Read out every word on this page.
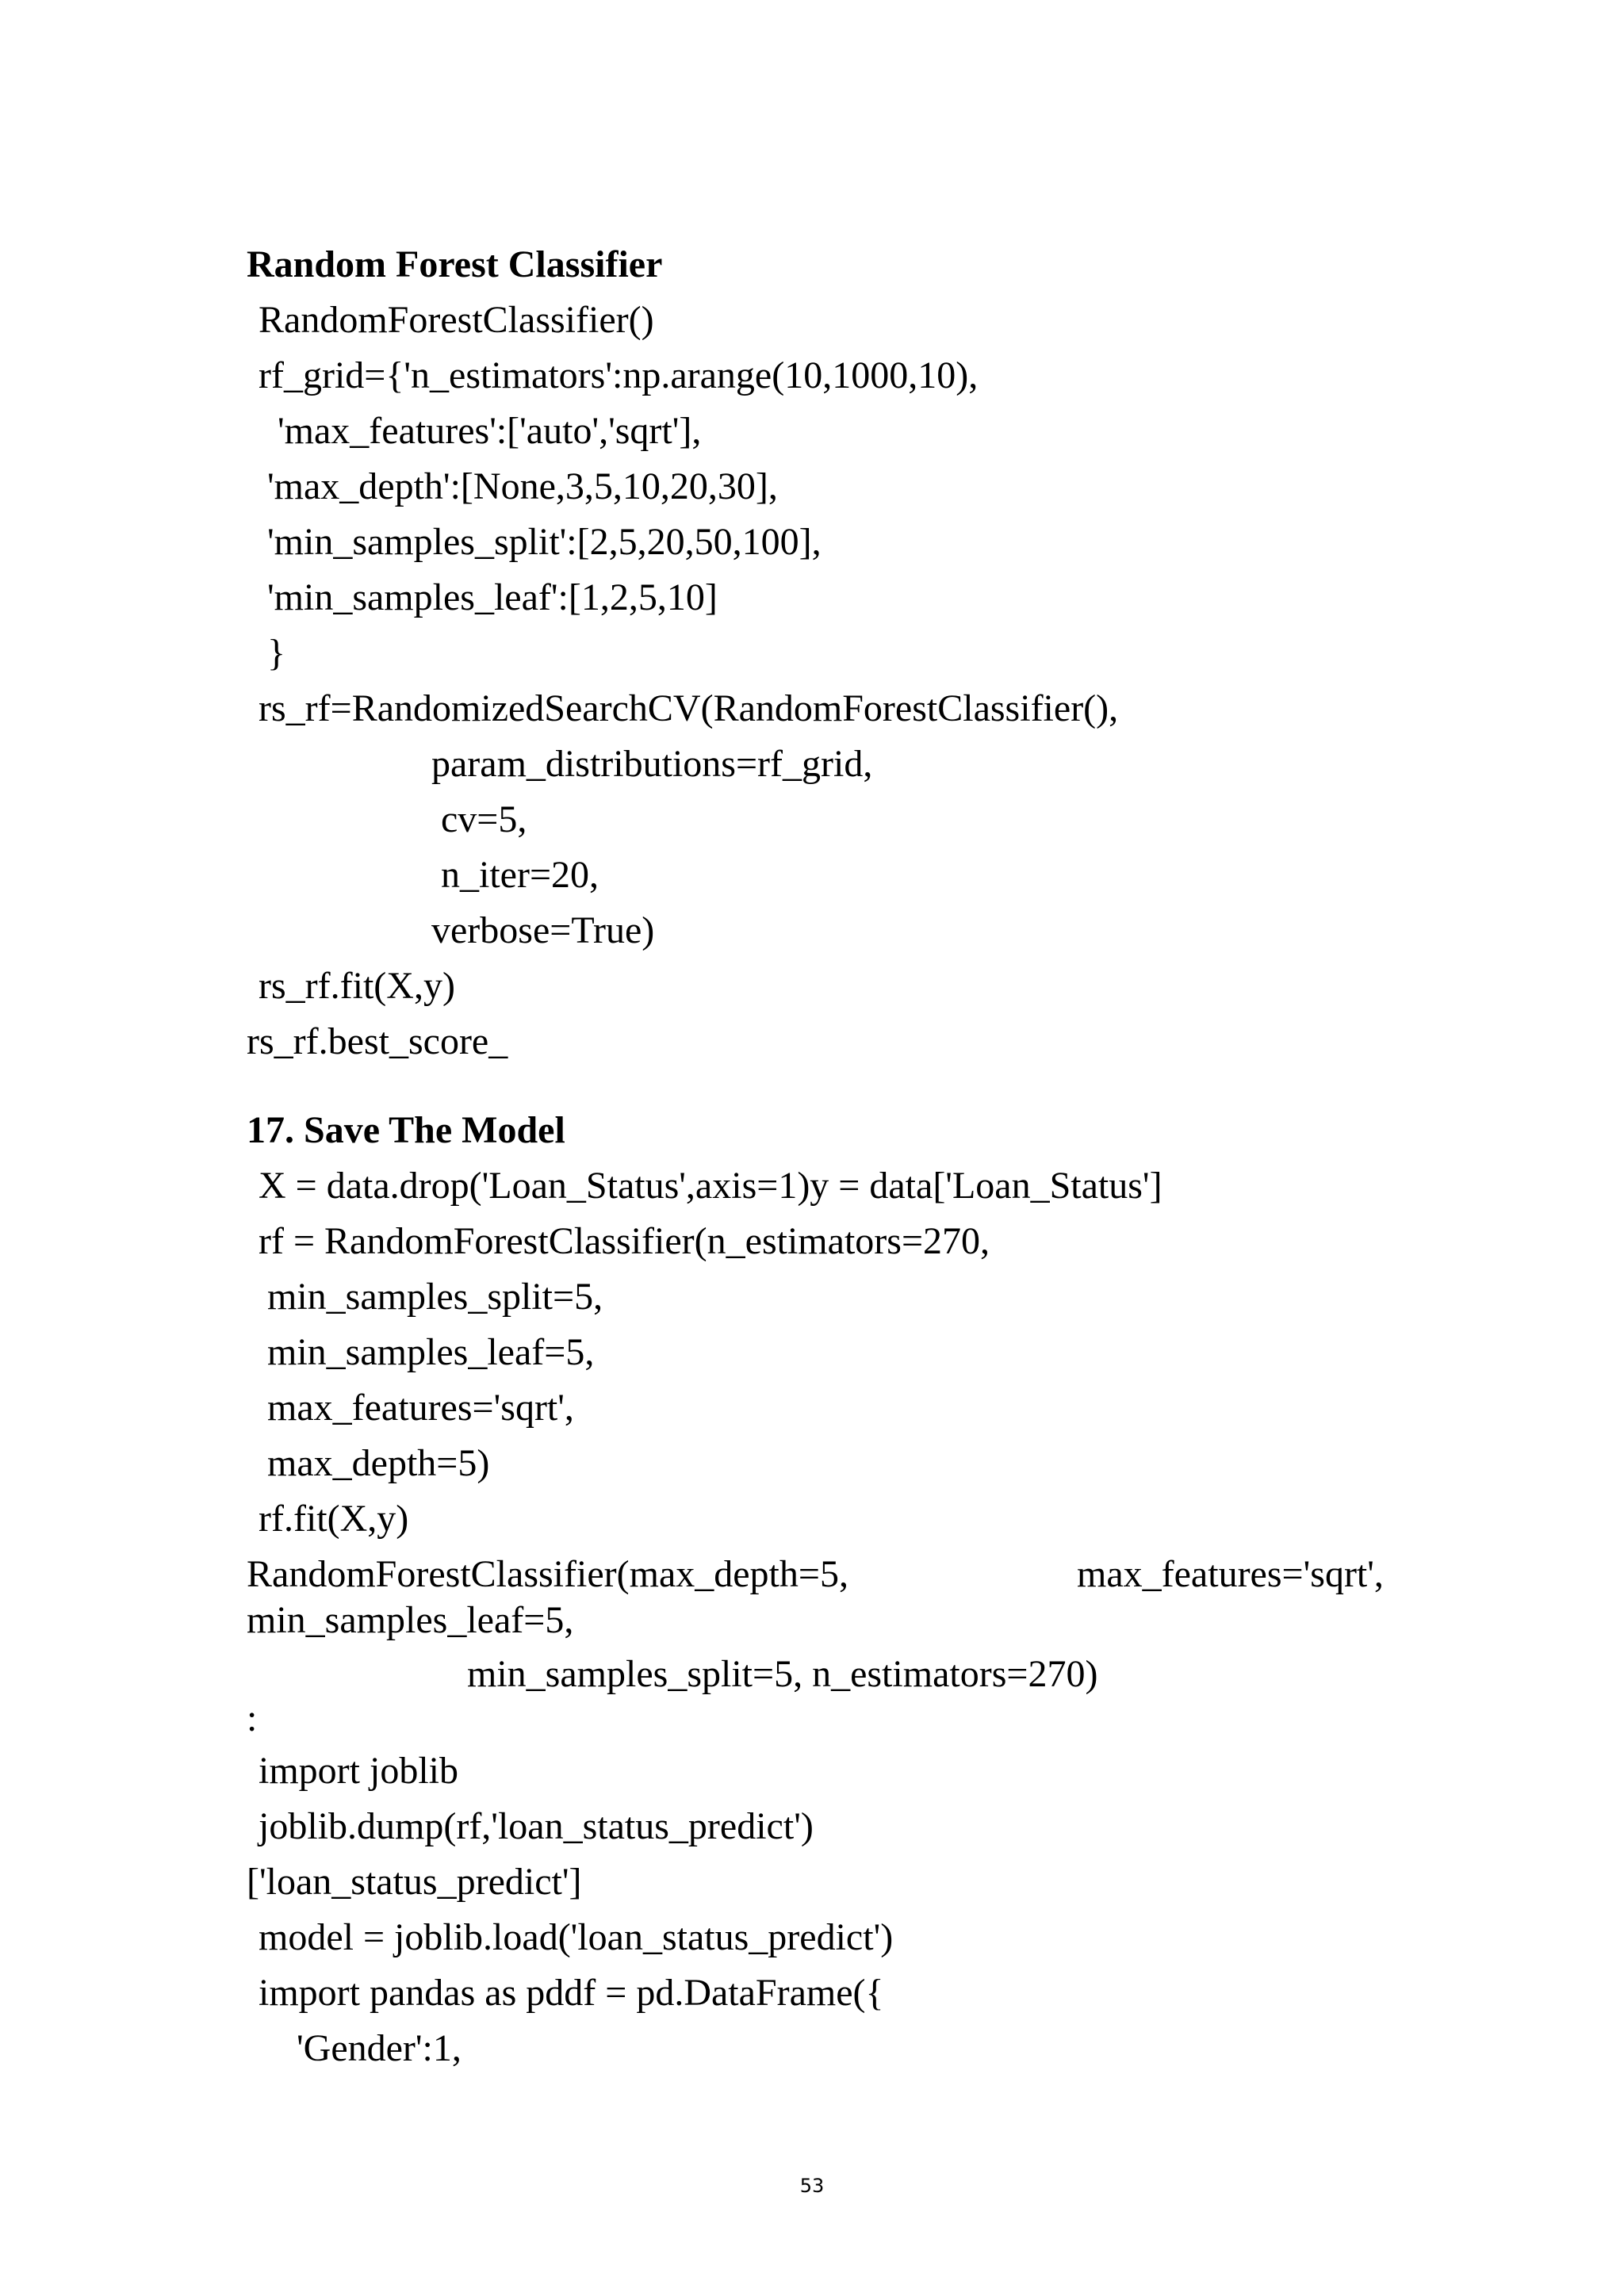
Random Forest Classifier
RandomForestClassifier()
rf_grid={'n_estimators':np.arange(10,1000,10),
'max_features':['auto','sqrt'],
'max_depth':[None,3,5,10,20,30],
'min_samples_split':[2,5,20,50,100],
'min_samples_leaf':[1,2,5,10]
}
rs_rf=RandomizedSearchCV(RandomForestClassifier(),
param_distributions=rf_grid,
cv=5,
n_iter=20,
verbose=True)
rs_rf.fit(X,y)
rs_rf.best_score_
17. Save The Model
X = data.drop('Loan_Status',axis=1)y = data['Loan_Status']
rf = RandomForestClassifier(n_estimators=270,
min_samples_split=5,
min_samples_leaf=5,
max_features='sqrt',
max_depth=5)
rf.fit(X,y)
RandomForestClassifier(max_depth=5,	max_features='sqrt',
min_samples_leaf=5,
min_samples_split=5, n_estimators=270)
:
import joblib
joblib.dump(rf,'loan_status_predict')
['loan_status_predict']
model = joblib.load('loan_status_predict')
import pandas as pddf = pd.DataFrame({
'Gender':1,
53
